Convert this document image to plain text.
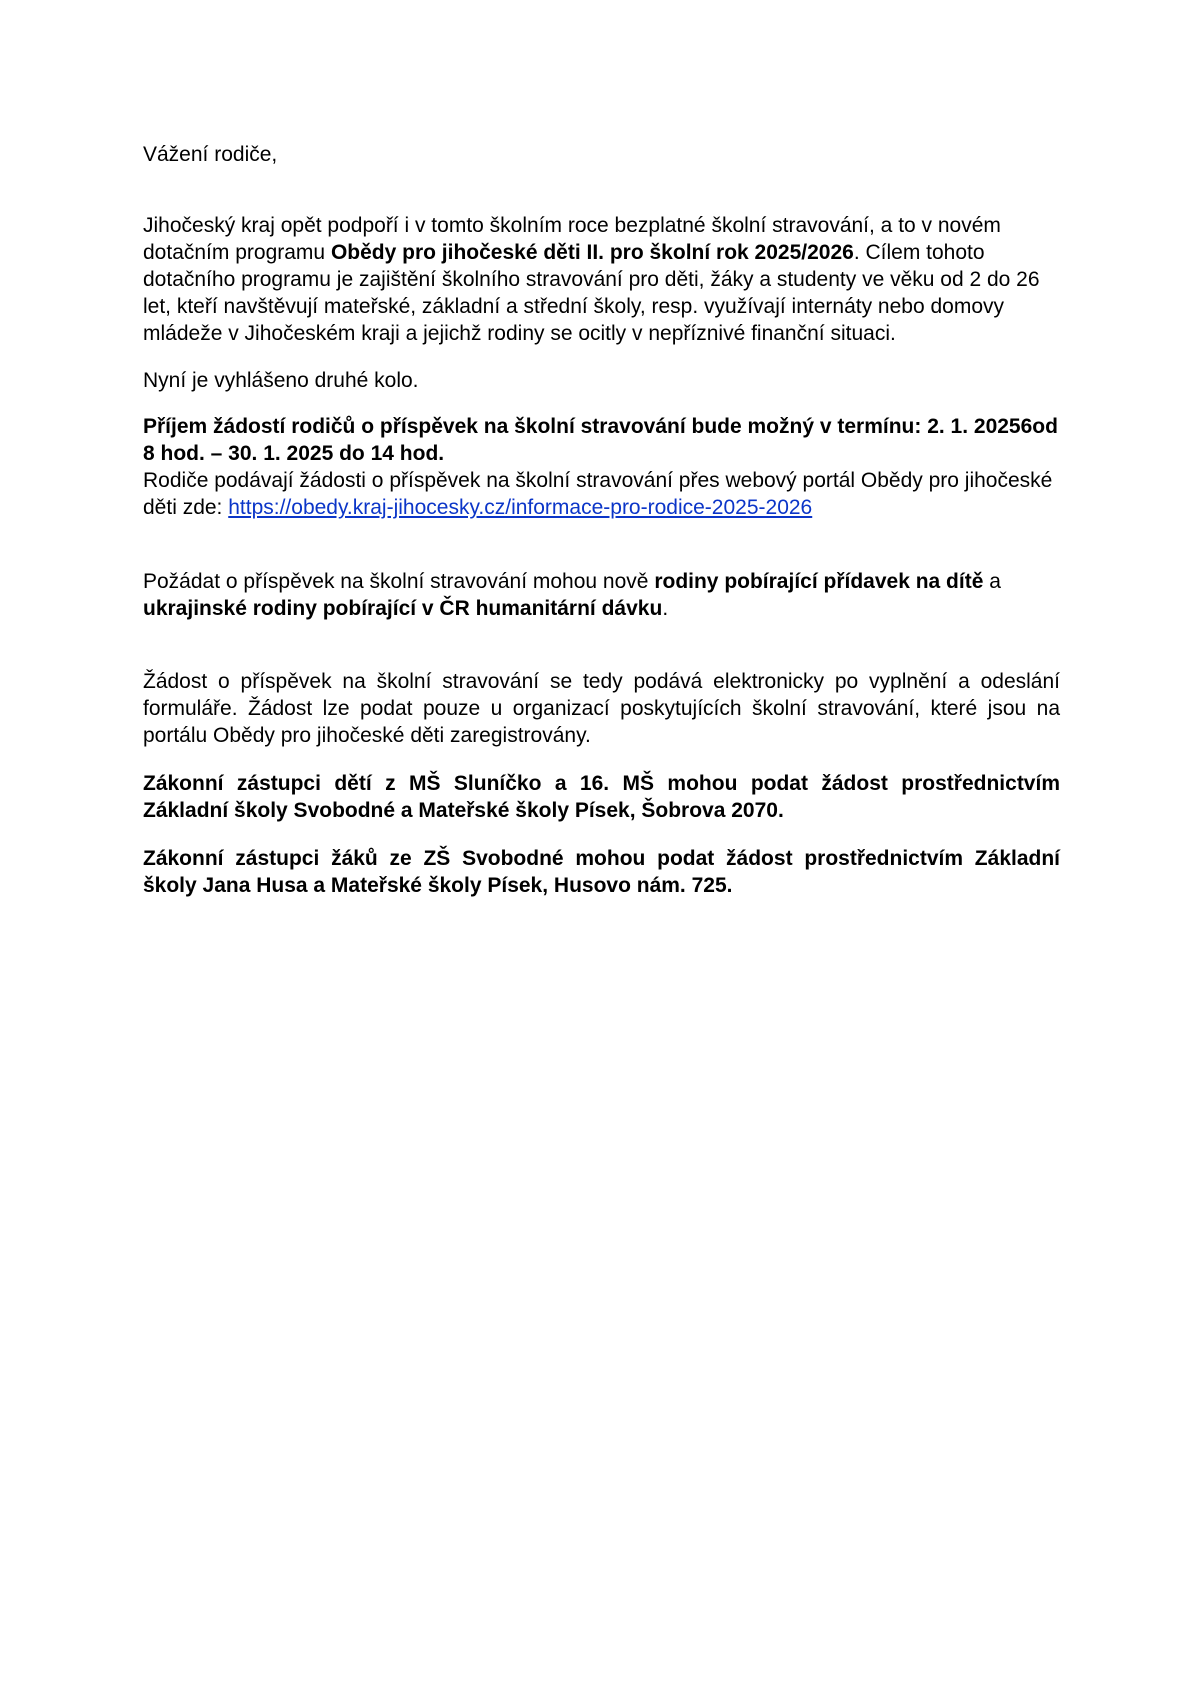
Vážení rodiče,

Jihočeský kraj opět podpoří i v tomto školním roce bezplatné školní stravování, a to v novém dotačním programu Obědy pro jihočeské děti II. pro školní rok 2025/2026. Cílem tohoto dotačního programu je zajištění školního stravování pro děti, žáky a studenty ve věku od 2 do 26 let, kteří navštěvují mateřské, základní a střední školy, resp. využívají internáty nebo domovy mládeže v Jihočeském kraji a jejichž rodiny se ocitly v nepříznivé finanční situaci.

Nyní je vyhlášeno druhé kolo.

Příjem žádostí rodičů o příspěvek na školní stravování bude možný v termínu: 2. 1. 20256od 8 hod. – 30. 1. 2025 do 14 hod.

Rodiče podávají žádosti o příspěvek na školní stravování přes webový portál Obědy pro jihočeské děti zde: https://obedy.kraj-jihocesky.cz/informace-pro-rodice-2025-2026

Požádat o příspěvek na školní stravování mohou nově rodiny pobírající přídavek na dítě a ukrajinské rodiny pobírající v ČR humanitární dávku.

Žádost o příspěvek na školní stravování se tedy podává elektronicky po vyplnění a odeslání formuláře. Žádost lze podat pouze u organizací poskytujících školní stravování, které jsou na portálu Obědy pro jihočeské děti zaregistrovány.

Zákonní zástupci dětí z MŠ Sluníčko a 16. MŠ mohou podat žádost prostřednictvím Základní školy Svobodné a Mateřské školy Písek, Šobrova 2070.

Zákonní zástupci žáků ze ZŠ Svobodné mohou podat žádost prostřednictvím Základní školy Jana Husa a Mateřské školy Písek, Husovo nám. 725.
